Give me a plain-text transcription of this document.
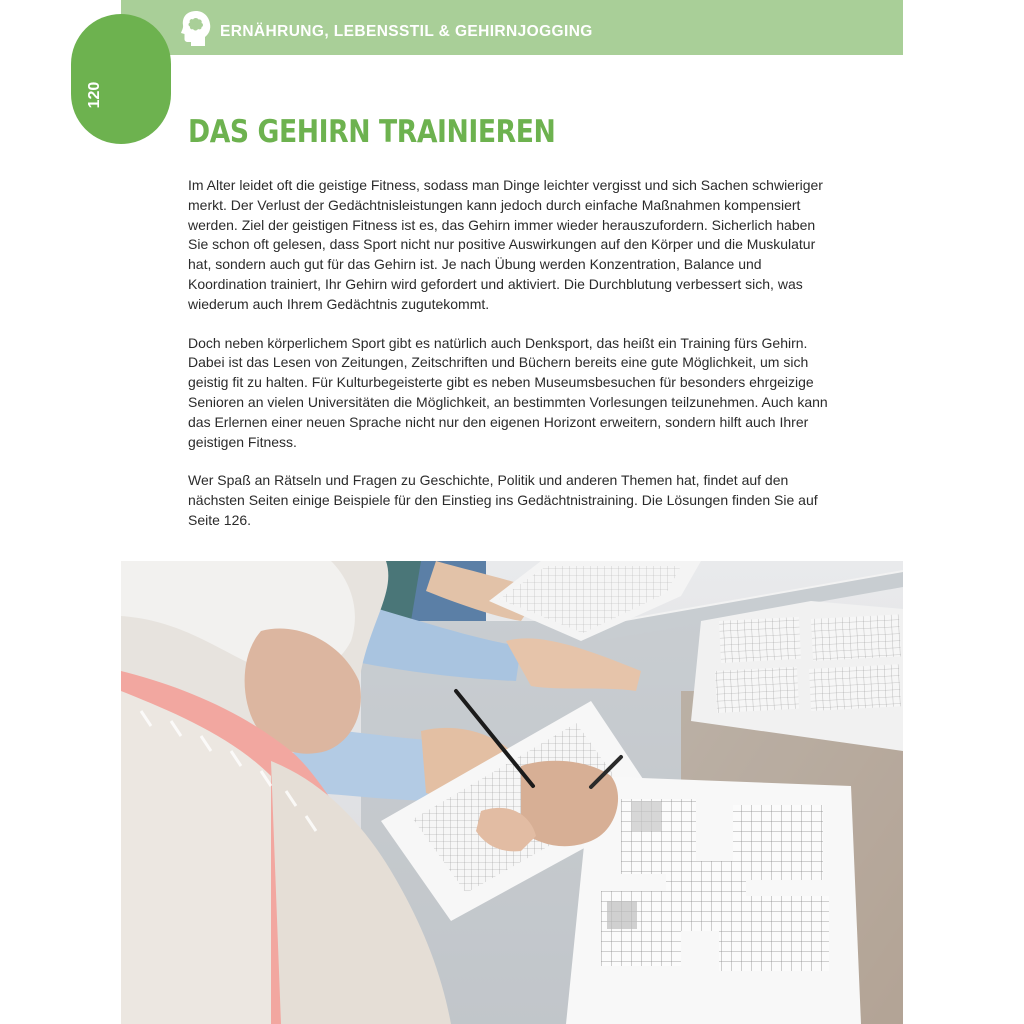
ERNÄHRUNG, LEBENSSTIL & GEHIRNJOGGING
120
DAS GEHIRN TRAINIEREN

Im Alter leidet oft die geistige Fitness, sodass man Dinge leichter vergisst und sich Sachen schwieriger merkt. Der Verlust der Gedächtnisleistungen kann jedoch durch einfache Maßnahmen kompensiert werden. Ziel der geistigen Fitness ist es, das Gehirn immer wieder herauszufordern. Sicherlich haben Sie schon oft gelesen, dass Sport nicht nur positive Auswirkungen auf den Körper und die Muskulatur hat, sondern auch gut für das Gehirn ist. Je nach Übung werden Konzentration, Balance und Koordination trainiert, Ihr Gehirn wird gefordert und aktiviert. Die Durchblutung verbessert sich, was wiederum auch Ihrem Gedächtnis zugutekommt.

Doch neben körperlichem Sport gibt es natürlich auch Denksport, das heißt ein Training fürs Gehirn. Dabei ist das Lesen von Zeitungen, Zeitschriften und Büchern bereits eine gute Möglichkeit, um sich geistig fit zu halten. Für Kulturbegeisterte gibt es neben Museumsbesuchen für besonders ehrgeizige Senioren an vielen Universitäten die Möglichkeit, an bestimmten Vorlesungen teilzunehmen. Auch kann das Erlernen einer neuen Sprache nicht nur den eigenen Horizont erweitern, sondern hilft auch Ihrer geistigen Fitness.

Wer Spaß an Rätseln und Fragen zu Geschichte, Politik und anderen Themen hat, findet auf den nächsten Seiten einige Beispiele für den Einstieg ins Gedächtnistraining. Die Lösungen finden Sie auf Seite 126.
